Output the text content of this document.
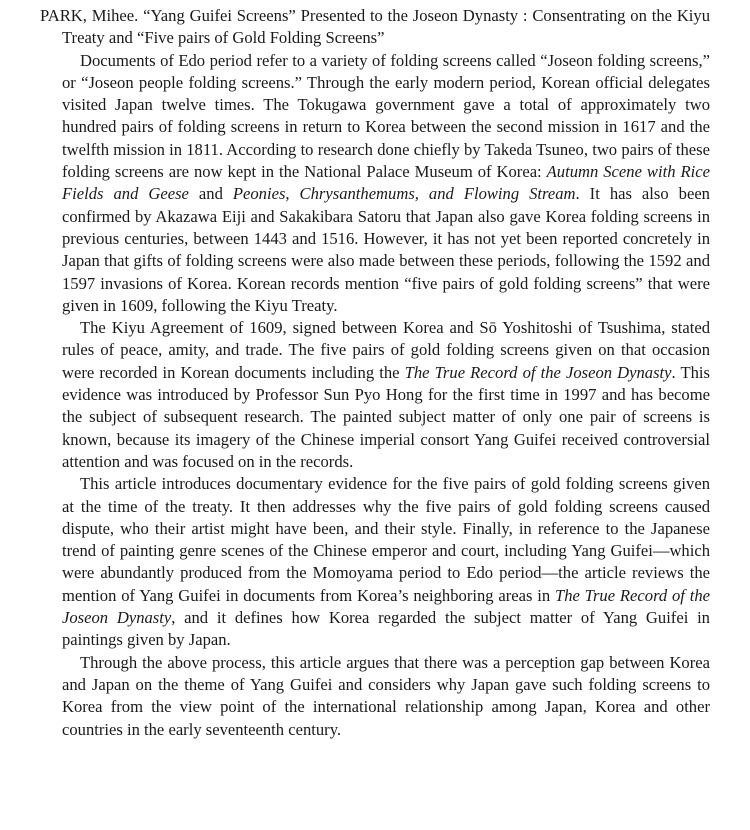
PARK, Mihee. “Yang Guifei Screens” Presented to the Joseon Dynasty : Consentrating on the Kiyu Treaty and “Five pairs of Gold Folding Screens”

Documents of Edo period refer to a variety of folding screens called “Joseon folding screens,” or “Joseon people folding screens.” Through the early modern period, Korean official delegates visited Japan twelve times. The Tokugawa government gave a total of approximately two hundred pairs of folding screens in return to Korea between the second mission in 1617 and the twelfth mission in 1811. According to research done chiefly by Takeda Tsuneo, two pairs of these folding screens are now kept in the National Palace Museum of Korea: Autumn Scene with Rice Fields and Geese and Peonies, Chrysanthemums, and Flowing Stream. It has also been confirmed by Akazawa Eiji and Sakakibara Satoru that Japan also gave Korea folding screens in previous centuries, between 1443 and 1516. However, it has not yet been reported concretely in Japan that gifts of folding screens were also made between these periods, following the 1592 and 1597 invasions of Korea. Korean records mention “five pairs of gold folding screens” that were given in 1609, following the Kiyu Treaty.

The Kiyu Agreement of 1609, signed between Korea and Sō Yoshitoshi of Tsushima, stated rules of peace, amity, and trade. The five pairs of gold folding screens given on that occasion were recorded in Korean documents including the The True Record of the Joseon Dynasty. This evidence was introduced by Professor Sun Pyo Hong for the first time in 1997 and has become the subject of subsequent research. The painted subject matter of only one pair of screens is known, because its imagery of the Chinese imperial consort Yang Guifei received controversial attention and was focused on in the records.

This article introduces documentary evidence for the five pairs of gold folding screens given at the time of the treaty. It then addresses why the five pairs of gold folding screens caused dispute, who their artist might have been, and their style. Finally, in reference to the Japanese trend of painting genre scenes of the Chinese emperor and court, including Yang Guifei—which were abundantly produced from the Momoyama period to Edo period—the article reviews the mention of Yang Guifei in documents from Korea’s neighboring areas in The True Record of the Joseon Dynasty, and it defines how Korea regarded the subject matter of Yang Guifei in paintings given by Japan.

Through the above process, this article argues that there was a perception gap between Korea and Japan on the theme of Yang Guifei and considers why Japan gave such folding screens to Korea from the view point of the international relationship among Japan, Korea and other countries in the early seventeenth century.
